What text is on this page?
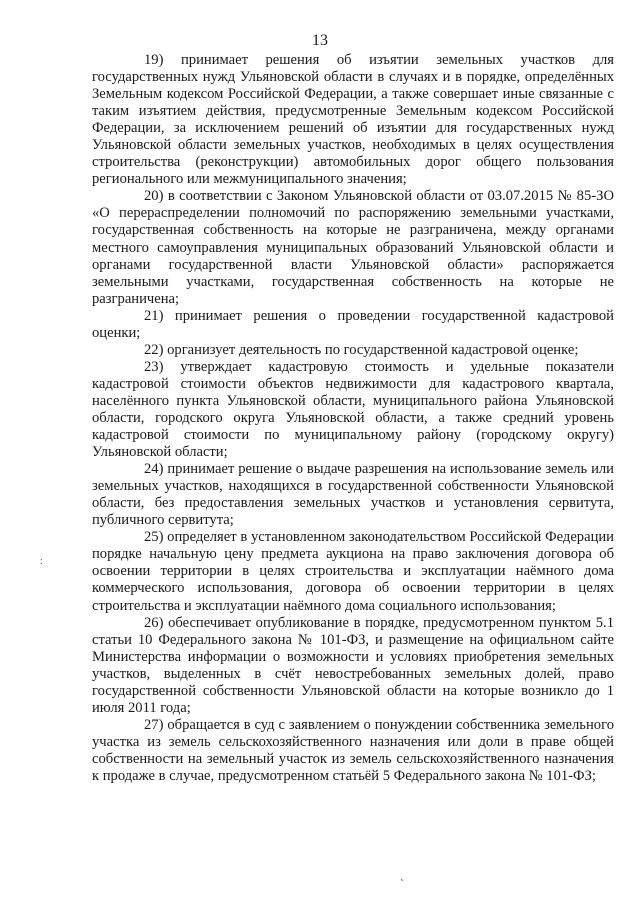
13
:
ㆍ

19) принимает решения об изъятии земельных участков для государственных нужд Ульяновской области в случаях и в порядке, определённых Земельным кодексом Российской Федерации, а также совершает иные связанные с таким изъятием действия, предусмотренные Земельным кодексом Российской Федерации, за исключением решений об изъятии для государственных нужд Ульяновской области земельных участков, необходимых в целях осуществления строительства (реконструкции) автомобильных дорог общего пользования регионального или межмуниципального значения;

20) в соответствии с Законом Ульяновской области от 03.07.2015 № 85-ЗО «О перераспределении полномочий по распоряжению земельными участками, государственная собственность на которые не разграничена, между органами местного самоуправления муниципальных образований Ульяновской области и органами государственной власти Ульяновской области» распоряжается земельными участками, государственная собственность на которые не разграничена;

21) принимает решения о проведении государственной кадастровой оценки;

22) организует деятельность по государственной кадастровой оценке;

23) утверждает кадастровую стоимость и удельные показатели кадастровой стоимости объектов недвижимости для кадастрового квартала, населённого пункта Ульяновской области, муниципального района Ульяновской области, городского округа Ульяновской области, а также средний уровень кадастровой стоимости по муниципальному району (городскому округу) Ульяновской области;

24) принимает решение о выдаче разрешения на использование земель или земельных участков, находящихся в государственной собственности Ульяновской области, без предоставления земельных участков и установления сервитута, публичного сервитута;

25) определяет в установленном законодательством Российской Федерации порядке начальную цену предмета аукциона на право заключения договора об освоении территории в целях строительства и эксплуатации наёмного дома коммерческого использования, договора об освоении территории в целях строительства и эксплуатации наёмного дома социального использования;

26) обеспечивает опубликование в порядке, предусмотренном пунктом 5.1 статьи 10 Федерального закона № 101-ФЗ, и размещение на официальном сайте Министерства информации о возможности и условиях приобретения земельных участков, выделенных в счёт невостребованных земельных долей, право государственной собственности Ульяновской области на которые возникло до 1 июля 2011 года;

27) обращается в суд с заявлением о понуждении собственника земельного участка из земель сельскохозяйственного назначения или доли в праве общей собственности на земельный участок из земель сельскохозяйственного назначения к продаже в случае, предусмотренном статьёй 5 Федерального закона № 101-ФЗ;
